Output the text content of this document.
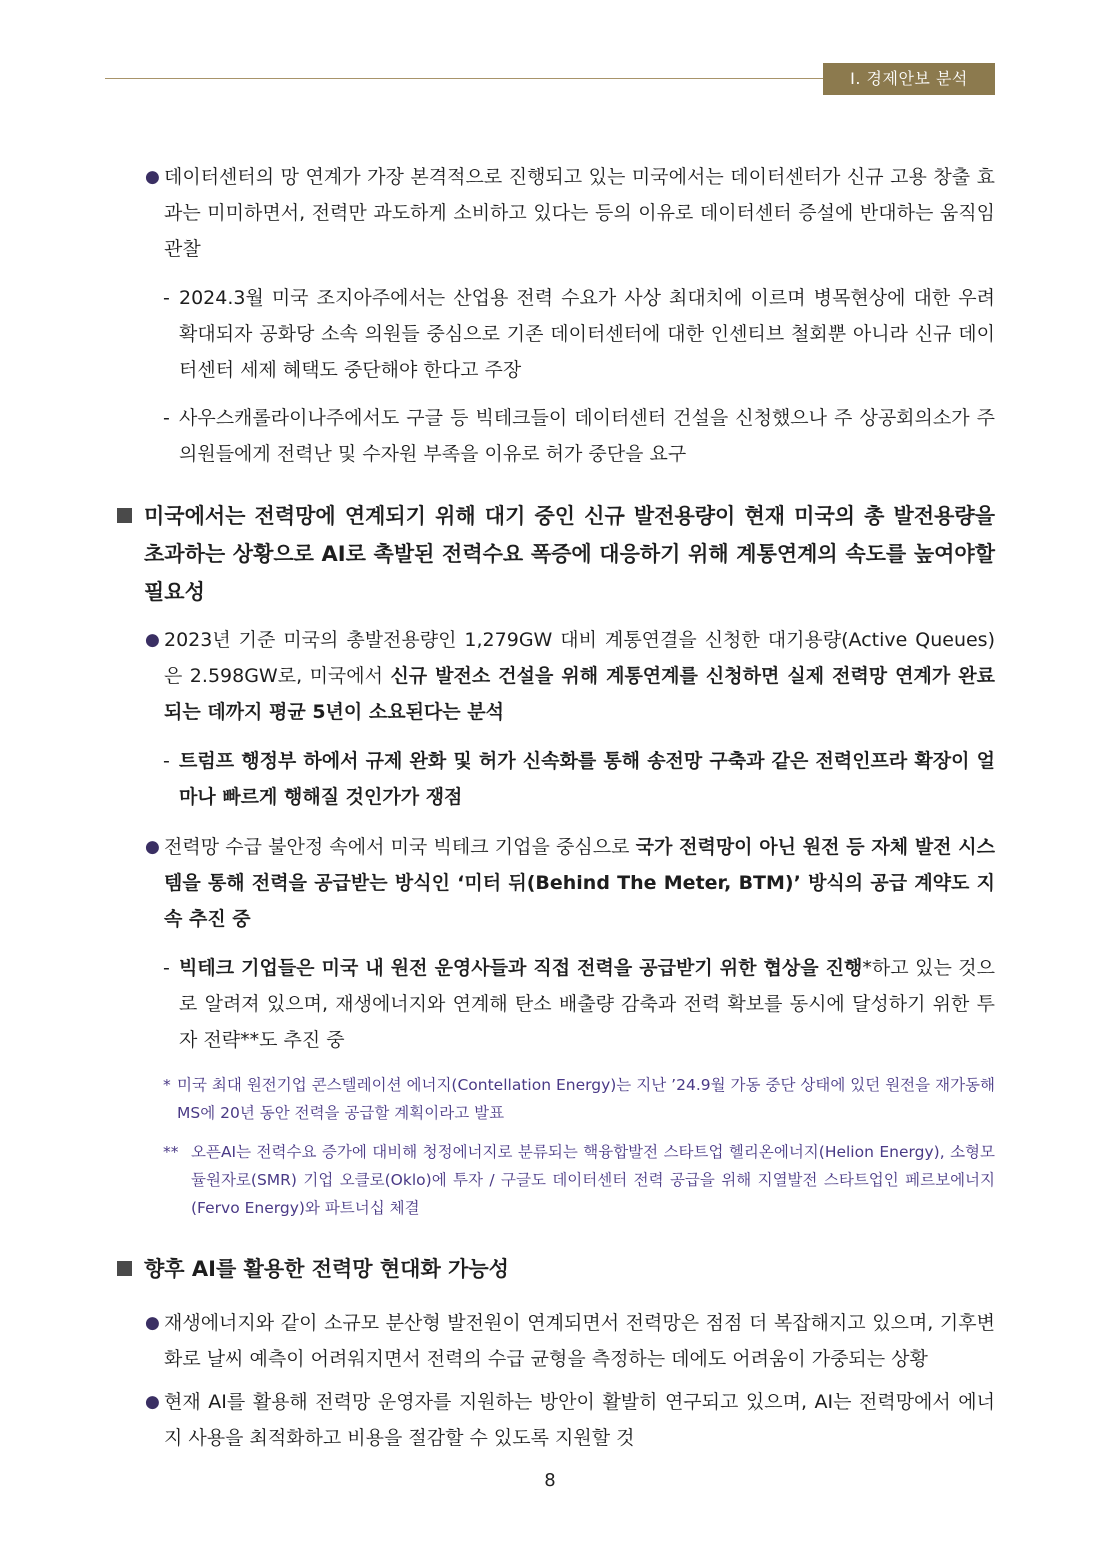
Ⅰ. 경제안보 분석
● 데이터센터의 망 연계가 가장 본격적으로 진행되고 있는 미국에서는 데이터센터가 신규 고용 창출 효과는 미미하면서, 전력만 과도하게 소비하고 있다는 등의 이유로 데이터센터 증설에 반대하는 움직임 관찰
- 2024.3월 미국 조지아주에서는 산업용 전력 수요가 사상 최대치에 이르며 병목현상에 대한 우려 확대되자 공화당 소속 의원들 중심으로 기존 데이터센터에 대한 인센티브 철회뿐 아니라 신규 데이터센터 세제 혜택도 중단해야 한다고 주장
- 사우스캐롤라이나주에서도 구글 등 빅테크들이 데이터센터 건설을 신청했으나 주 상공회의소가 주 의원들에게 전력난 및 수자원 부족을 이유로 허가 중단을 요구
미국에서는 전력망에 연계되기 위해 대기 중인 신규 발전용량이 현재 미국의 총 발전용량을 초과하는 상황으로 AI로 촉발된 전력수요 폭증에 대응하기 위해 계통연계의 속도를 높여야할 필요성
● 2023년 기준 미국의 총발전용량인 1,279GW 대비 계통연결을 신청한 대기용량(Active Queues)은 2.598GW로, 미국에서 신규 발전소 건설을 위해 계통연계를 신청하면 실제 전력망 연계가 완료되는 데까지 평균 5년이 소요된다는 분석
- 트럼프 행정부 하에서 규제 완화 및 허가 신속화를 통해 송전망 구축과 같은 전력인프라 확장이 얼마나 빠르게 행해질 것인가가 쟁점
● 전력망 수급 불안정 속에서 미국 빅테크 기업을 중심으로 국가 전력망이 아닌 원전 등 자체 발전 시스템을 통해 전력을 공급받는 방식인 ‘미터 뒤(Behind The Meter, BTM)’ 방식의 공급 계약도 지속 추진 중
- 빅테크 기업들은 미국 내 원전 운영사들과 직접 전력을 공급받기 위한 협상을 진행*하고 있는 것으로 알려져 있으며, 재생에너지와 연계해 탄소 배출량 감축과 전력 확보를 동시에 달성하기 위한 투자 전략**도 추진 중
* 미국 최대 원전기업 콘스텔레이션 에너지(Contellation Energy)는 지난 ’24.9월 가동 중단 상태에 있던 원전을 재가동해 MS에 20년 동안 전력을 공급할 계획이라고 발표
** 오픈AI는 전력수요 증가에 대비해 청정에너지로 분류되는 핵융합발전 스타트업 헬리온에너지(Helion Energy), 소형모듈원자로(SMR) 기업 오클로(Oklo)에 투자 / 구글도 데이터센터 전력 공급을 위해 지열발전 스타트업인 페르보에너지(Fervo Energy)와 파트너십 체결
향후 AI를 활용한 전력망 현대화 가능성
● 재생에너지와 같이 소규모 분산형 발전원이 연계되면서 전력망은 점점 더 복잡해지고 있으며, 기후변화로 날씨 예측이 어려워지면서 전력의 수급 균형을 측정하는 데에도 어려움이 가중되는 상황
● 현재 AI를 활용해 전력망 운영자를 지원하는 방안이 활발히 연구되고 있으며, AI는 전력망에서 에너지 사용을 최적화하고 비용을 절감할 수 있도록 지원할 것
8
